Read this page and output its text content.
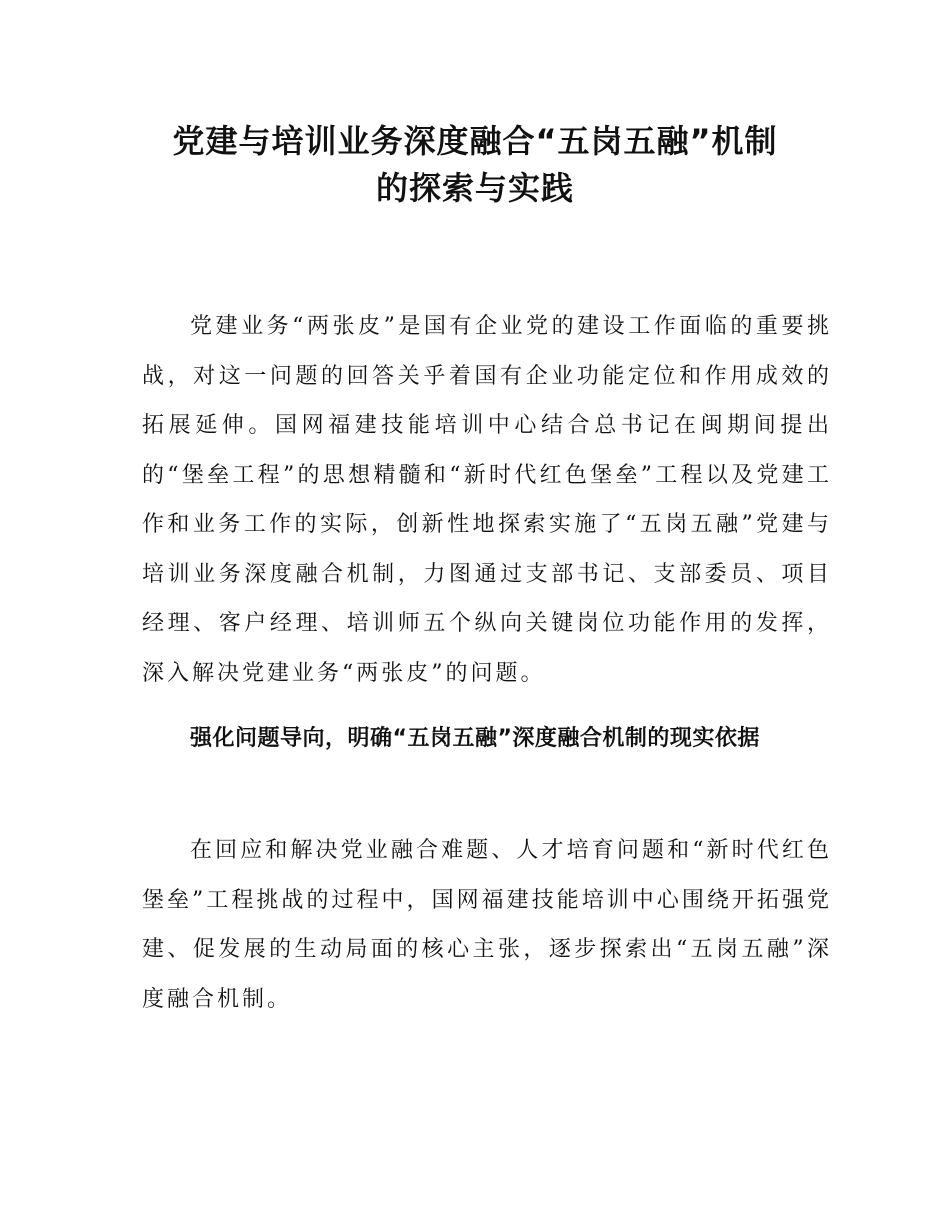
党建与培训业务深度融合“五岗五融”机制
的探索与实践

党建业务“两张皮”是国有企业党的建设工作面临的重要挑战，对这一问题的回答关乎着国有企业功能定位和作用成效的拓展延伸。国网福建技能培训中心结合总书记在闽期间提出的“堡垒工程”的思想精髓和“新时代红色堡垒”工程以及党建工作和业务工作的实际，创新性地探索实施了“五岗五融”党建与培训业务深度融合机制，力图通过支部书记、支部委员、项目经理、客户经理、培训师五个纵向关键岗位功能作用的发挥，深入解决党建业务“两张皮”的问题。

强化问题导向，明确“五岗五融”深度融合机制的现实依据

在回应和解决党业融合难题、人才培育问题和“新时代红色堡垒”工程挑战的过程中，国网福建技能培训中心围绕开拓强党建、促发展的生动局面的核心主张，逐步探索出“五岗五融”深度融合机制。
